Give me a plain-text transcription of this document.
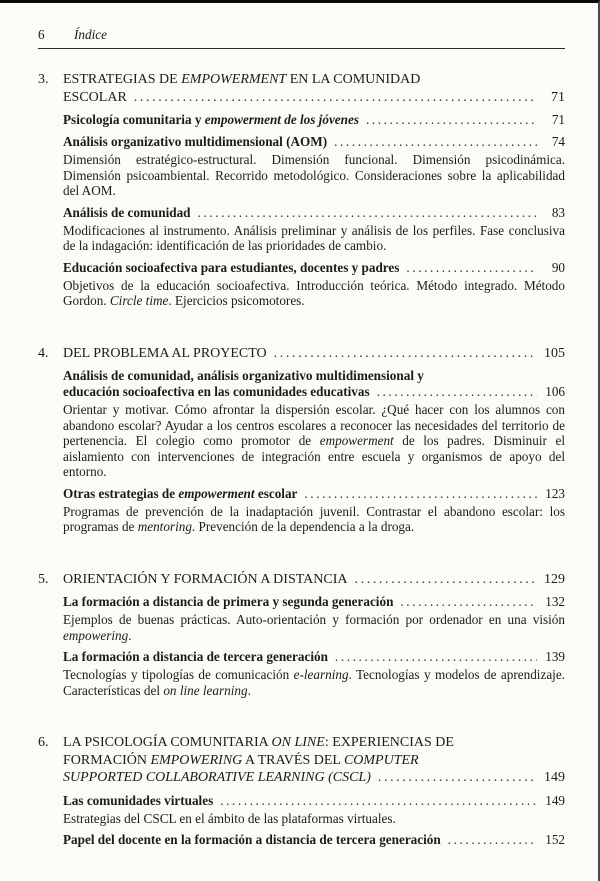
6 Índice
3. ESTRATEGIAS DE EMPOWERMENT EN LA COMUNIDAD
ESCOLAR .....	71
Psicología comunitaria y empowerment de los jóvenes .....	71
Análisis organizativo multidimensional (AOM) .....	74

Dimensión estratégico-estructural. Dimensión funcional. Dimensión psicodinámica. Dimensión psicoambiental. Recorrido metodológico. Consideraciones sobre la aplicabilidad del AOM.

Análisis de comunidad .....	83

Modificaciones al instrumento. Análisis preliminar y análisis de los perfiles. Fase conclusiva de la indagación: identificación de las prioridades de cambio.

Educación socioafectiva para estudiantes, docentes y padres .....	90

Objetivos de la educación socioafectiva. Introducción teórica. Método integrado. Método Gordon. Circle time. Ejercicios psicomotores.

4. DEL PROBLEMA AL PROYECTO .....	105
Análisis de comunidad, análisis organizativo multidimensional y
educación socioafectiva en las comunidades educativas .....	106

Orientar y motivar. Cómo afrontar la dispersión escolar. ¿Qué hacer con los alumnos con abandono escolar? Ayudar a los centros escolares a reconocer las necesidades del territorio de pertenencia. El colegio como promotor de empowerment de los padres. Disminuir el aislamiento con intervenciones de integración entre escuela y organismos de apoyo del entorno.

Otras estrategias de empowerment escolar .....	123

Programas de prevención de la inadaptación juvenil. Contrastar el abandono escolar: los programas de mentoring. Prevención de la dependencia a la droga.

5. ORIENTACIÓN Y FORMACIÓN A DISTANCIA .....	129
La formación a distancia de primera y segunda generación .....	132

Ejemplos de buenas prácticas. Auto-orientación y formación por ordenador en una visión empowering.

La formación a distancia de tercera generación .....	139

Tecnologías y tipologías de comunicación e-learning. Tecnologías y modelos de aprendizaje. Características del on line learning.

6. LA PSICOLOGÍA COMUNITARIA ON LINE: EXPERIENCIAS DE
FORMACIÓN EMPOWERING A TRAVÉS DEL COMPUTER
SUPPORTED COLLABORATIVE LEARNING (CSCL) .....	149
Las comunidades virtuales .....	149

Estrategias del CSCL en el ámbito de las plataformas virtuales.

Papel del docente en la formación a distancia de tercera generación .....	152
